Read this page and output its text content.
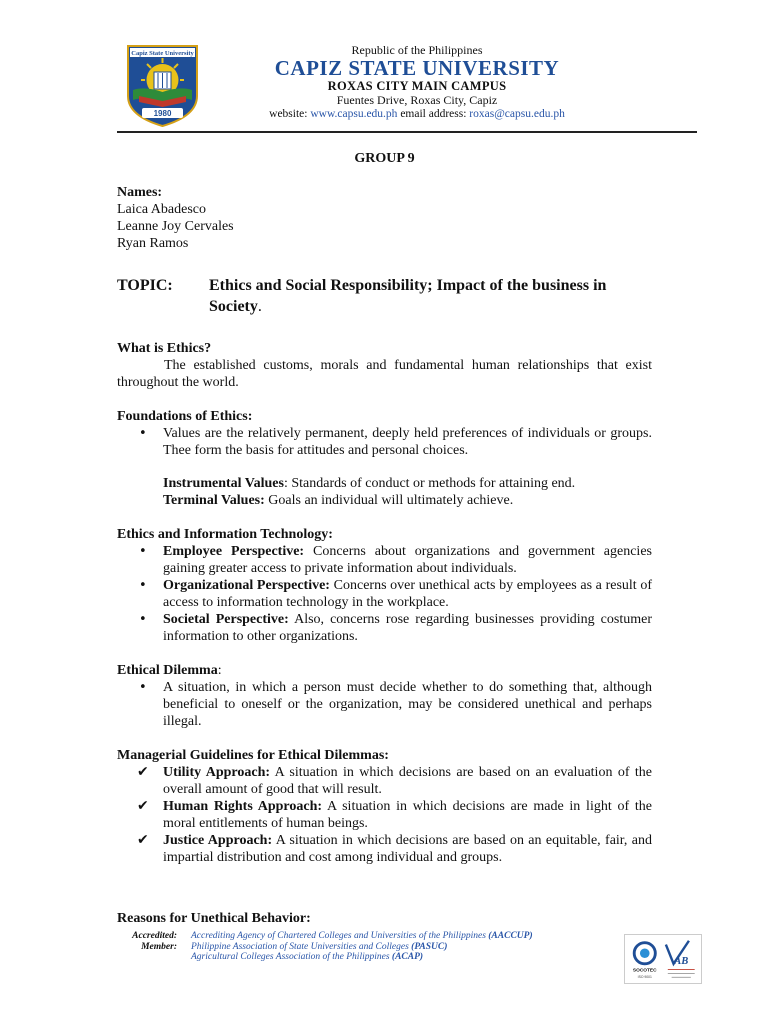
Capiz State University
1980
Republic of the Philippines
CAPIZ STATE UNIVERSITY
ROXAS CITY MAIN CAMPUS
Fuentes Drive, Roxas City, Capiz
website: www.capsu.edu.ph email address: roxas@capsu.edu.ph
GROUP 9
Names:
Laica Abadesco
Leanne Joy Cervales
Ryan Ramos
TOPIC:	Ethics and Social Responsibility; Impact of the business in Society.
What is Ethics?
The established customs, morals and fundamental human relationships that exist throughout the world.
Foundations of Ethics:
•
Values are the relatively permanent, deeply held preferences of individuals or groups. Thee form the basis for attitudes and personal choices.
Instrumental Values: Standards of conduct or methods for attaining end.
Terminal Values: Goals an individual will ultimately achieve.
Ethics and Information Technology:
•
Employee Perspective: Concerns about organizations and government agencies gaining greater access to private information about individuals.
•
Organizational Perspective: Concerns over unethical acts by employees as a result of access to information technology in the workplace.
•
Societal Perspective: Also, concerns rose regarding businesses providing costumer information to other organizations.
Ethical Dilemma:
•
A situation, in which a person must decide whether to do something that, although beneficial to oneself or the organization, may be considered unethical and perhaps illegal.
Managerial Guidelines for Ethical Dilemmas:
✔ Utility Approach: A situation in which decisions are based on an evaluation of the overall amount of good that will result.
✔ Human Rights Approach: A situation in which decisions are made in light of the moral entitlements of human beings.
✔ Justice Approach: A situation in which decisions are based on an equitable, fair, and impartial distribution and cost among individual and groups.
Reasons for Unethical Behavior:
Accredited:
Member:
Accrediting Agency of Chartered Colleges and Universities of the Philippines (AACCUP)
Philippine Association of State Universities and Colleges (PASUC)
Agricultural Colleges Association of the Philippines (ACAP)
SOCOTEC
ISO 9001
AB
